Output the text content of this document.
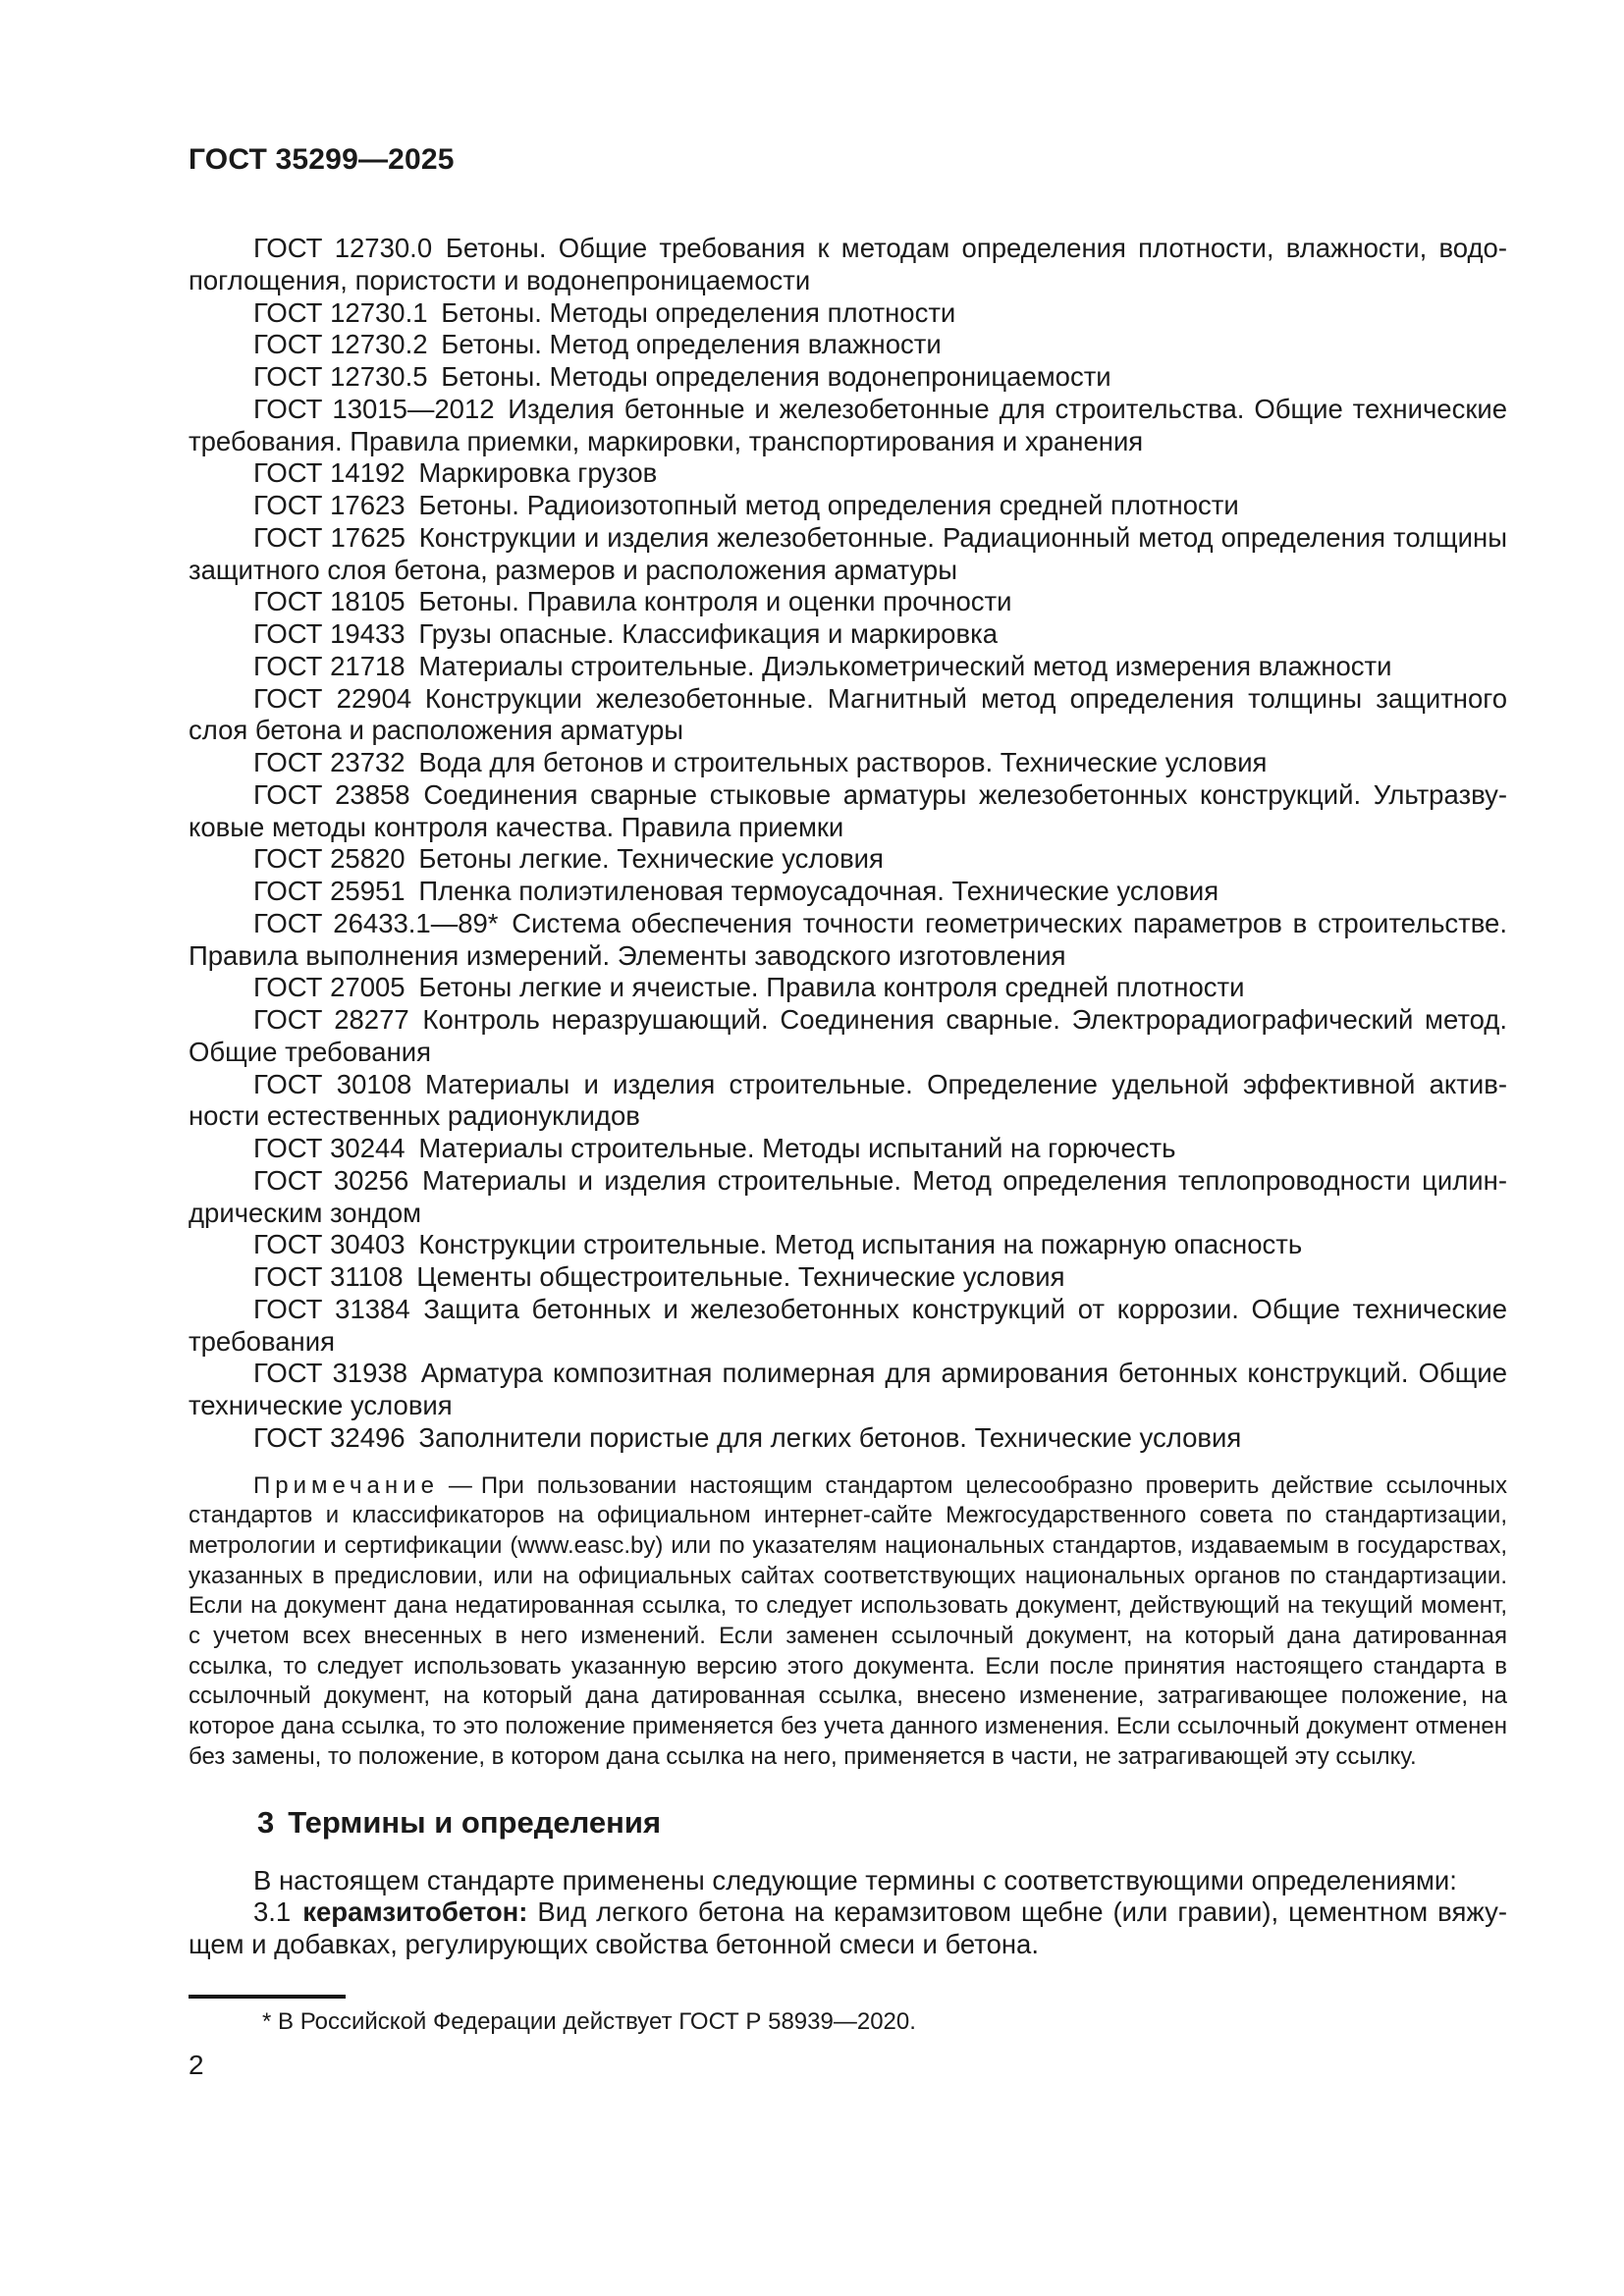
ГОСТ 35299—2025

ГОСТ 12730.0 Бетоны. Общие требования к методам определения плотности, влажности, водопоглощения, пористости и водонепроницаемости

ГОСТ 12730.1 Бетоны. Методы определения плотности

ГОСТ 12730.2 Бетоны. Метод определения влажности

ГОСТ 12730.5 Бетоны. Методы определения водонепроницаемости

ГОСТ 13015—2012 Изделия бетонные и железобетонные для строительства. Общие технические требования. Правила приемки, маркировки, транспортирования и хранения

ГОСТ 14192 Маркировка грузов

ГОСТ 17623 Бетоны. Радиоизотопный метод определения средней плотности

ГОСТ 17625 Конструкции и изделия железобетонные. Радиационный метод определения толщины защитного слоя бетона, размеров и расположения арматуры

ГОСТ 18105 Бетоны. Правила контроля и оценки прочности

ГОСТ 19433 Грузы опасные. Классификация и маркировка

ГОСТ 21718 Материалы строительные. Диэлькометрический метод измерения влажности

ГОСТ 22904 Конструкции железобетонные. Магнитный метод определения толщины защитного слоя бетона и расположения арматуры

ГОСТ 23732 Вода для бетонов и строительных растворов. Технические условия

ГОСТ 23858 Соединения сварные стыковые арматуры железобетонных конструкций. Ультразвуковые методы контроля качества. Правила приемки

ГОСТ 25820 Бетоны легкие. Технические условия

ГОСТ 25951 Пленка полиэтиленовая термоусадочная. Технические условия

ГОСТ 26433.1—89* Система обеспечения точности геометрических параметров в строительстве. Правила выполнения измерений. Элементы заводского изготовления

ГОСТ 27005 Бетоны легкие и ячеистые. Правила контроля средней плотности

ГОСТ 28277 Контроль неразрушающий. Соединения сварные. Электрорадиографический метод. Общие требования

ГОСТ 30108 Материалы и изделия строительные. Определение удельной эффективной активности естественных радионуклидов

ГОСТ 30244 Материалы строительные. Методы испытаний на горючесть

ГОСТ 30256 Материалы и изделия строительные. Метод определения теплопроводности цилиндрическим зондом

ГОСТ 30403 Конструкции строительные. Метод испытания на пожарную опасность

ГОСТ 31108 Цементы общестроительные. Технические условия

ГОСТ 31384 Защита бетонных и железобетонных конструкций от коррозии. Общие технические требования

ГОСТ 31938 Арматура композитная полимерная для армирования бетонных конструкций. Общие технические условия

ГОСТ 32496 Заполнители пористые для легких бетонов. Технические условия

Примечание — При пользовании настоящим стандартом целесообразно проверить действие ссылочных стандартов и классификаторов на официальном интернет-сайте Межгосударственного совета по стандартизации, метрологии и сертификации (www.easc.by) или по указателям национальных стандартов, издаваемым в государствах, указанных в предисловии, или на официальных сайтах соответствующих национальных органов по стандартизации. Если на документ дана недатированная ссылка, то следует использовать документ, действующий на текущий момент, с учетом всех внесенных в него изменений. Если заменен ссылочный документ, на который дана датированная ссылка, то следует использовать указанную версию этого документа. Если после принятия настоящего стандарта в ссылочный документ, на который дана датированная ссылка, внесено изменение, затрагивающее положение, на которое дана ссылка, то это положение применяется без учета данного изменения. Если ссылочный документ отменен без замены, то положение, в котором дана ссылка на него, применяется в части, не затрагивающей эту ссылку.

3 Термины и определения

В настоящем стандарте применены следующие термины с соответствующими определениями:

3.1 керамзитобетон: Вид легкого бетона на керамзитовом щебне (или гравии), цементном вяжущем и добавках, регулирующих свойства бетонной смеси и бетона.

* В Российской Федерации действует ГОСТ Р 58939—2020.

2
